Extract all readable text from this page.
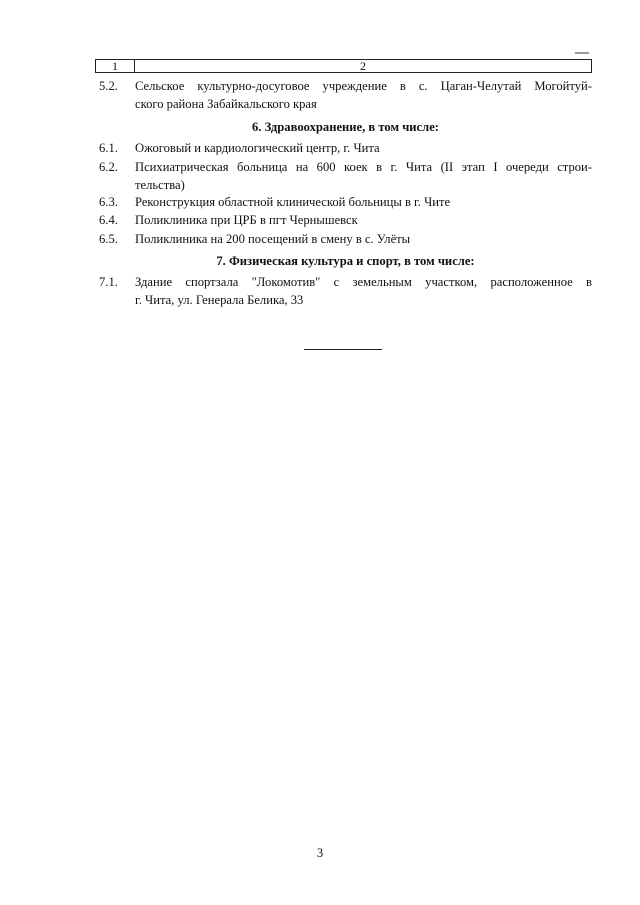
1	2
5.2.	Сельское культурно-досуговое учреждение в с. Цаган-Челутай Могойтуй-
ского района Забайкальского края
6. Здравоохранение, в том числе:
6.1.	Ожоговый и кардиологический центр, г. Чита
6.2.	Психиатрическая больница на 600 коек в г. Чита (II этап I очереди строи-
тельства)
6.3.	Реконструкция областной клинической больницы в г. Чите
6.4.	Поликлиника при ЦРБ в пгт Чернышевск
6.5.	Поликлиника на 200 посещений в смену в с. Улёты
7. Физическая культура и спорт, в том числе:
7.1.	Здание спортзала "Локомотив" с земельным участком, расположенное в
г. Чита, ул. Генерала Белика, 33
3
